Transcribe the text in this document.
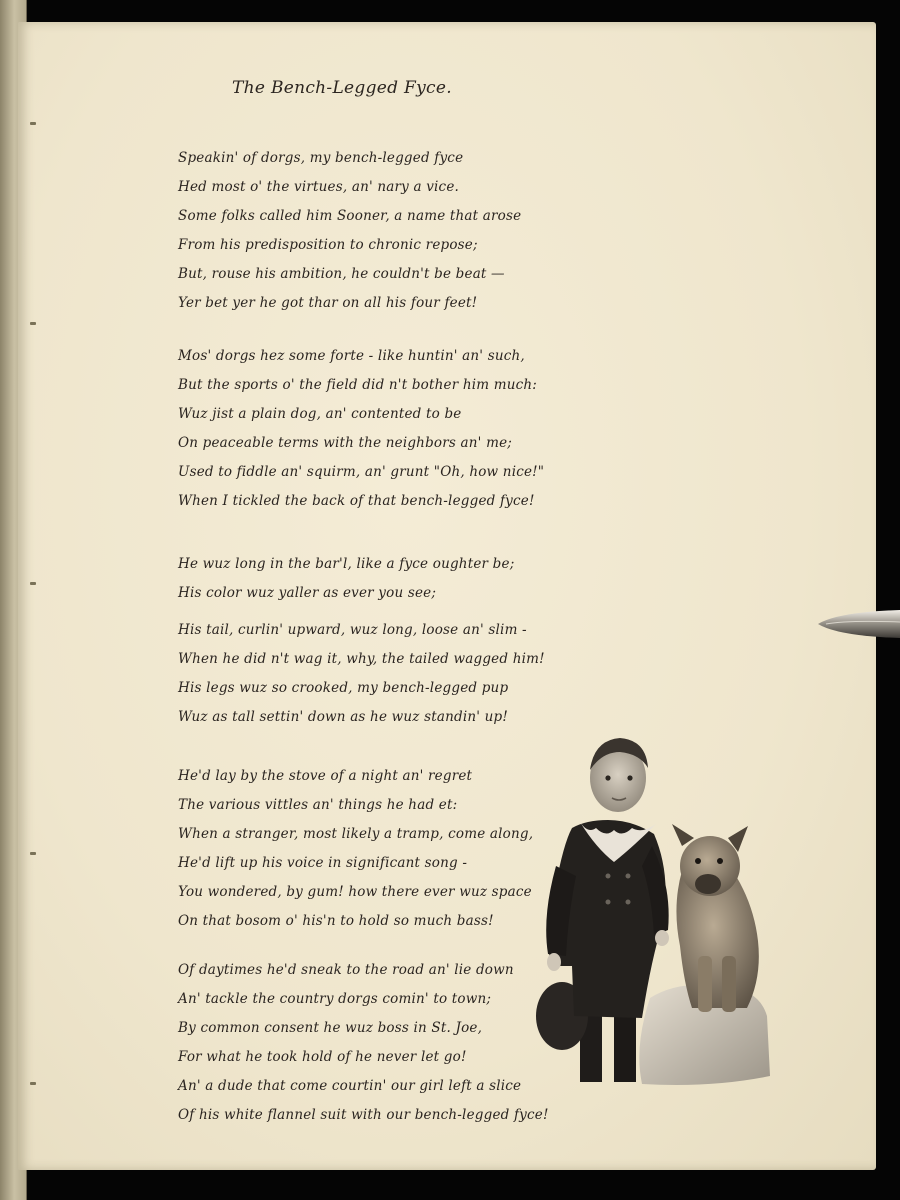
The Bench-Legged Fyce.
Speakin' of dorgs, my bench-legged fyce
Hed most o' the virtues, an' nary a vice.
Some folks called him Sooner, a name that arose
From his predisposition to chronic repose;
But, rouse his ambition, he couldn't be beat —
Yer bet yer he got thar on all his four feet!
Mos' dorgs hez some forte - like huntin' an' such,
But the sports o' the field did n't bother him much:
Wuz jist a plain dog, an' contented to be
On peaceable terms with the neighbors an' me;
Used to fiddle an' squirm, an' grunt "Oh, how nice!"
When I tickled the back of that bench-legged fyce!
He wuz long in the bar'l, like a fyce oughter be;
His color wuz yaller as ever you see;
His tail, curlin' upward, wuz long, loose an' slim -
When he did n't wag it, why, the tailed wagged him!
His legs wuz so crooked, my bench-legged pup
Wuz as tall settin' down as he wuz standin' up!
He'd lay by the stove of a night an' regret
The various vittles an' things he had et:
When a stranger, most likely a tramp, come along,
He'd lift up his voice in significant song -
You wondered, by gum! how there ever wuz space
On that bosom o' his'n to hold so much bass!
Of daytimes he'd sneak to the road an' lie down
An' tackle the country dorgs comin' to town;
By common consent he wuz boss in St. Joe,
For what he took hold of he never let go!
An' a dude that come courtin' our girl left a slice
Of his white flannel suit with our bench-legged fyce!
